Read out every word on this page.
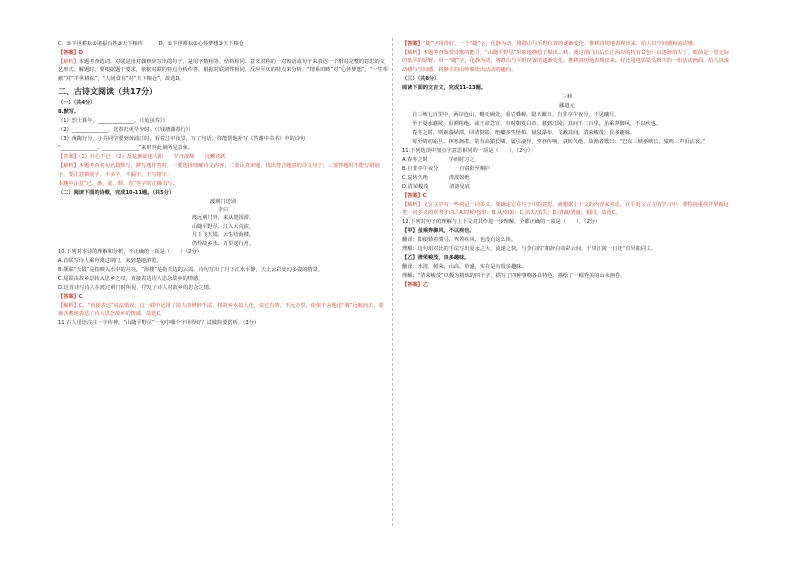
C．①半世耕耘②诸福百姓③天下粮库　　　D．①半世耕耘②心怀梦想③天下粮仓

【答案】D

【解析】本题考查选词。对联是用对偶修辞写出的句子，是用字数相等、结构相同、意义对称的一对短语或句子来表达一个相对完整的意思的文艺形式。解题时，要根据题干要求，依据对联的特点分析作答。根据对联词性相同，反应平仄的特点来分析。“情系田畴”对“心怀梦想”，“一生奉献”对“半世耕耘”，“人间食有”对“天下粮仓”，故选D。

二、古诗文阅读（共17分）

（一）（共4分）

8.默写。

（1）烈士暮年，______________。（《龟虽寿》）

（2）______________，送春归更早少时。（《钱塘湖春行》）

（3）黄陶行分，小芬同学要到黄浦江时，看着江中夜景，写了句话，你能帮他补写《答谢中书书》中的诗句

“______________，______________”来形容此刻所见景象。

【答案】（1）壮心不已　（2）乱花渐欲迷人眼　　夕日欲颓　　沉鳞竞跃

【解析】本题考查名句名篇默写。默写题作答时，一要选择理解诗文内容；二要认真审题，找出符合题意的诗文句子；三要答题时不能写错别字，要注意错别字，不多字，不漏字，不写错字。

本题中注意“已、渐、欲、颓、竞”等字的正确书写。

（二）阅读下面的诗歌，完成10-11题。（共5分）

渡荆门送别

李白

渡远荆门外，来从楚国游。

山随平野尽，江入大荒流。

月下飞天镜，云生结海楼。

仍怜故乡水，万里送行舟。

10.下列对本诗的理解和分析，不正确的一项是（　　）（2分）

A.首联写诗人乘舟渡过荆门，来到楚地游览。

B.颔联“天镜”是指映入水中的月亮，“海楼”是指天边的云霞。诗句写出了月下江水平静，天上云彩变幻多姿的情景。

C.尾联由故乡景转入思乡之叹，直接表达诗人思念故乡的情感。

D.这首诗写诗人在渡过荆门时所见，抒发了诗人对故乡的思念之情。

【答案】C

【解析】C．“直接表达”说法错误。这一联中运用了拟人的修辞手法，将故乡水拟人化，说它有情，不远万里，依依不舍地送“我”远航而去，委婉含蓄地表达了诗人思念故乡的情感。故选C。

11.古人用语注注一字传神。“山随平野尽”一句中哪个字用得好？试做简要赏析。（3分）

【答案】“随”字用得好，一个“随”字，化静为动。将群山与平野位置的逐渐变化、推移真切地表现出来，给人以空间感和流动感。

【解析】本题考查鉴赏诗歌的能力。“山随平野尽”形象地描绘了船出三峡、渡过荆门山后长江两岸的特有景色：山逐渐消失了，眼前是一望无际的低平的原野。用一“随”字，化静为动，将群山与平野位置的逐渐变化、推移真切地表现出来。好比用电影镜头摄下的一组活动画面，给人以流动感与空间感，将静止的山岭摹状出活动的趣向。

（三）（共8分）

阅读下面的文言文，完成11-13题。

三峡

郦道元

自三峡七百里中，两岸连山，略无阙处。重岩叠嶂，隐天蔽日，自非亭午夜分，不见曦月。

至于夏水襄陵，沿溯阻绝。或王命急宣，有时朝发白帝，暮到江陵，其间千二百里，虽乘奔御风，不以疾也。

春冬之时，则素湍绿潭，回清倒影，绝巘多生怪柏，悬泉瀑布，飞漱其间，清荣峻茂，良多趣味。

每至晴初霜旦，林寒涧肃，常有高猿长啸，属引凄异，空谷传响，哀转久绝。故渔者歌曰：“巴东三峡巫峡长，猿鸣三声泪沾裳。”

11.下列选项中加点字意思相同的一项是（　　）。（2分）

A.春冬之时　　　　学而时习之

B.自非亭午夜分　　　　自富阳至桐庐

C.哀转久绝　　　　清波如绝

D.清荣峻茂　　　　清涟见底

【答案】C

【解析】文言文中有一些词是一词多义，要确定它在句子中的意思，就根据上下文的内容来考虑。在平时文言文的学习中，要特别重视并掌握这类一词多义的常考字词。A.时候/按时；B.从/如果；C.消失/消失；D.清澈/清澈。相同，故选C。

12.下列对句子的理解与上下文对其作进一步理解，全都正确的一项是（　　）。（2分）

【甲】虽乘奔御风，不以疾也。

翻译：即使骑着骏马，驾着疾风，也没有这么快。

理解：这句用对比的手法写出夏水之大，流速之快，与李白的“朝辞白帝彩云间，千里江陵一日还”有异曲同工。

【乙】清荣峻茂，良多趣味。

翻译：水清，树荣，山高，草盛，实在是有很多趣味。

理解：“清荣峻茂”以极为精炼的四个字，描写了四种事物各具特色，描绘了一幅秀美的山水画卷。

【答案】乙
